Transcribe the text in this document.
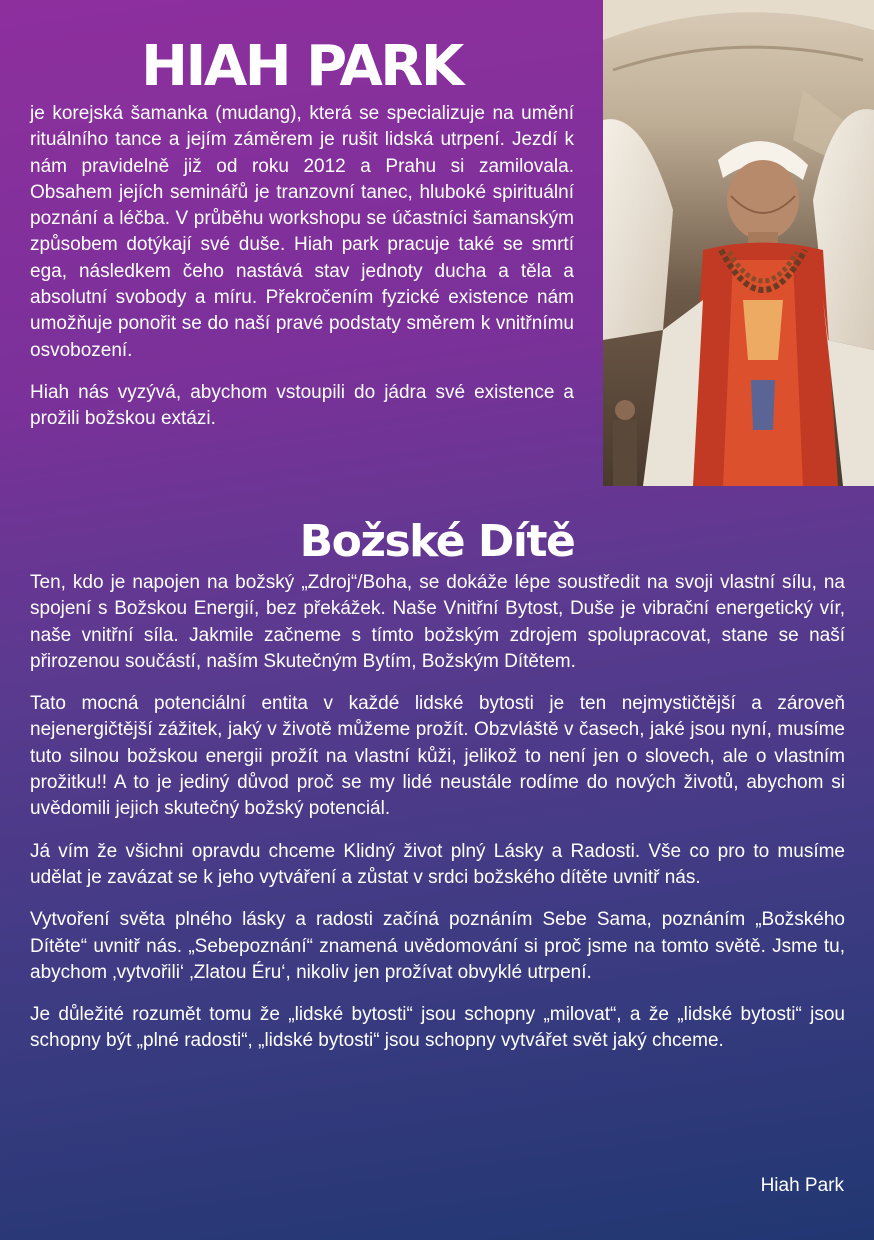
HIAH PARK

je korejská šamanka (mudang), která se specializuje na umění rituálního tance a jejím záměrem je rušit lidská utrpení. Jezdí k nám pravidelně již od roku 2012 a Prahu si zamilovala. Obsahem jejích seminářů je tranzovní tanec, hluboké spirituální poznání a léčba. V průběhu workshopu se účastníci šamanským způsobem dotýkají své duše. Hiah park pracuje také se smrtí ega, následkem čeho nastává stav jednoty ducha a těla a absolutní svobody a míru. Překročením fyzické existence nám umožňuje ponořit se do naší pravé podstaty směrem k vnitřnímu osvobození.

Hiah nás vyzývá, abychom vstoupili do jádra své existence a prožili božskou extázi.

Božské Dítě

Ten, kdo je napojen na božský „Zdroj“/Boha, se dokáže lépe soustředit na svoji vlastní sílu, na spojení s Božskou Energií, bez překážek. Naše Vnitřní Bytost, Duše je vibrační energetický vír, naše vnitřní síla. Jakmile začneme s tímto božským zdrojem spolupracovat, stane se naší přirozenou součástí, naším Skutečným Bytím, Božským Dítětem.

Tato mocná potenciální entita v každé lidské bytosti je ten nejmystičtější a zároveň nejenergičtější zážitek, jaký v životě můžeme prožít. Obzvláště v časech, jaké jsou nyní, musíme tuto silnou božskou energii prožít na vlastní kůži, jelikož to není jen o slovech, ale o vlastním prožitku!! A to je jediný důvod proč se my lidé neustále rodíme do nových životů, abychom si uvědomili jejich skutečný božský potenciál.

Já vím že všichni opravdu chceme Klidný život plný Lásky a Radosti. Vše co pro to musíme udělat je zavázat se k jeho vytváření a zůstat v srdci božského dítěte uvnitř nás.

Vytvoření světa plného lásky a radosti začíná poznáním Sebe Sama, poznáním „Božského Dítěte“ uvnitř nás. „Sebepoznání“ znamená uvědomování si proč jsme na tomto světě. Jsme tu, abychom ‚vytvořili‘ ‚Zlatou Éru‘, nikoliv jen prožívat obvyklé utrpení.

Je důležité rozumět tomu že „lidské bytosti“ jsou schopny „milovat“, a že „lidské bytosti“ jsou schopny být „plné radosti“, „lidské bytosti“ jsou schopny vytvářet svět jaký chceme.

Hiah Park
